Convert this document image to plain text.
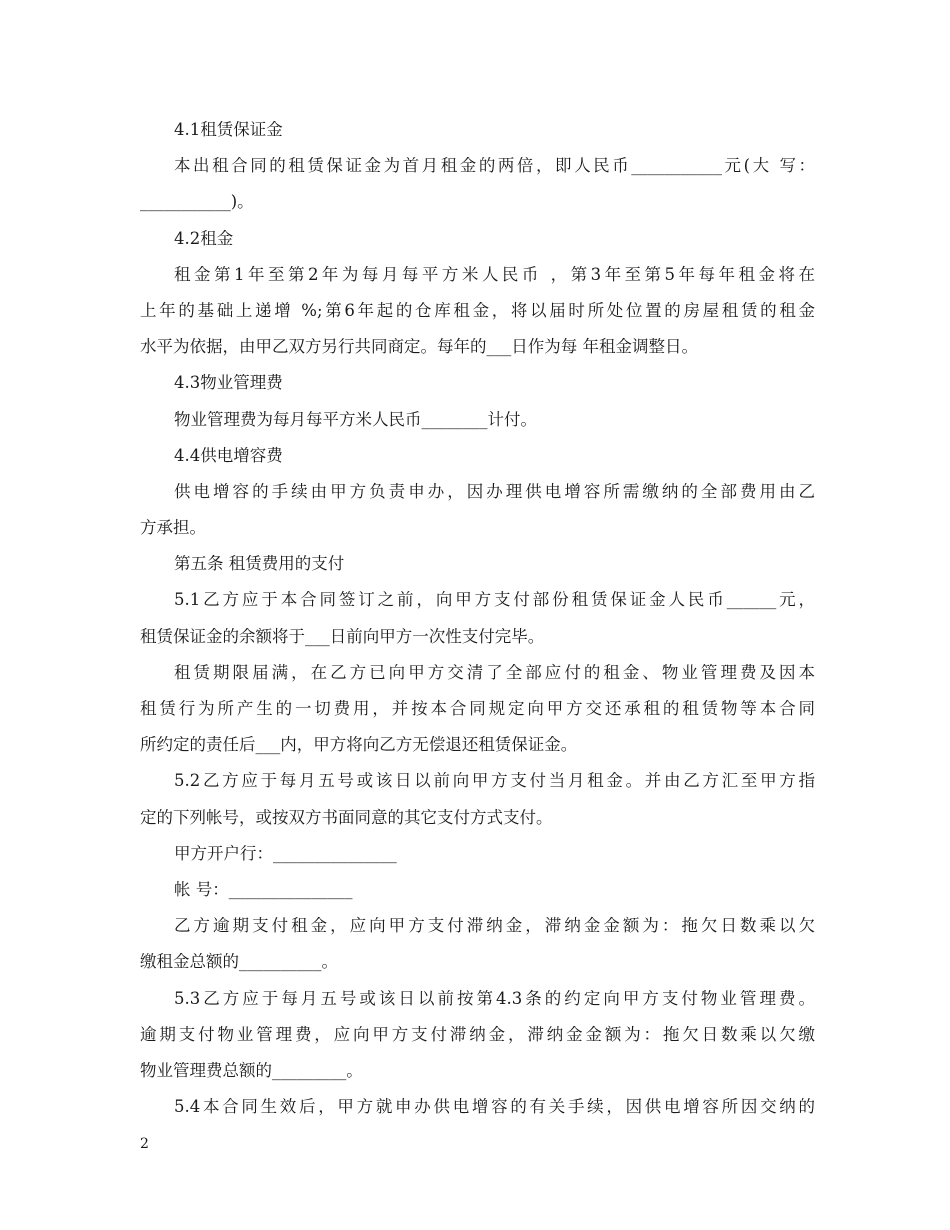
4.1租赁保证金
本出租合同的租赁保证金为首月租金的两倍，即人民币___________元(大 写：
___________)。
4.2租金
租金第1年至第2年为每月每平方米人民币 ，第3年至第5年每年租金将在
上年的基础上递增 %;第6年起的仓库租金，将以届时所处位置的房屋租赁的租金
水平为依据，由甲乙双方另行共同商定。每年的___日作为每 年租金调整日。
4.3物业管理费
物业管理费为每月每平方米人民币________计付。
4.4供电增容费
供电增容的手续由甲方负责申办，因办理供电增容所需缴纳的全部费用由乙
方承担。
第五条 租赁费用的支付
5.1乙方应于本合同签订之前，向甲方支付部份租赁保证金人民币______元，
租赁保证金的余额将于___日前向甲方一次性支付完毕。
租赁期限届满，在乙方已向甲方交清了全部应付的租金、物业管理费及因本
租赁行为所产生的一切费用，并按本合同规定向甲方交还承租的租赁物等本合同
所约定的责任后___内，甲方将向乙方无偿退还租赁保证金。
5.2乙方应于每月五号或该日以前向甲方支付当月租金。并由乙方汇至甲方指
定的下列帐号，或按双方书面同意的其它支付方式支付。
甲方开户行：_______________
帐 号：_______________
乙方逾期支付租金，应向甲方支付滞纳金，滞纳金金额为：拖欠日数乘以欠
缴租金总额的__________。
5.3乙方应于每月五号或该日以前按第4.3条的约定向甲方支付物业管理费。
逾期支付物业管理费，应向甲方支付滞纳金，滞纳金金额为：拖欠日数乘以欠缴
物业管理费总额的_________。
5.4本合同生效后，甲方就申办供电增容的有关手续，因供电增容所因交纳的
2
